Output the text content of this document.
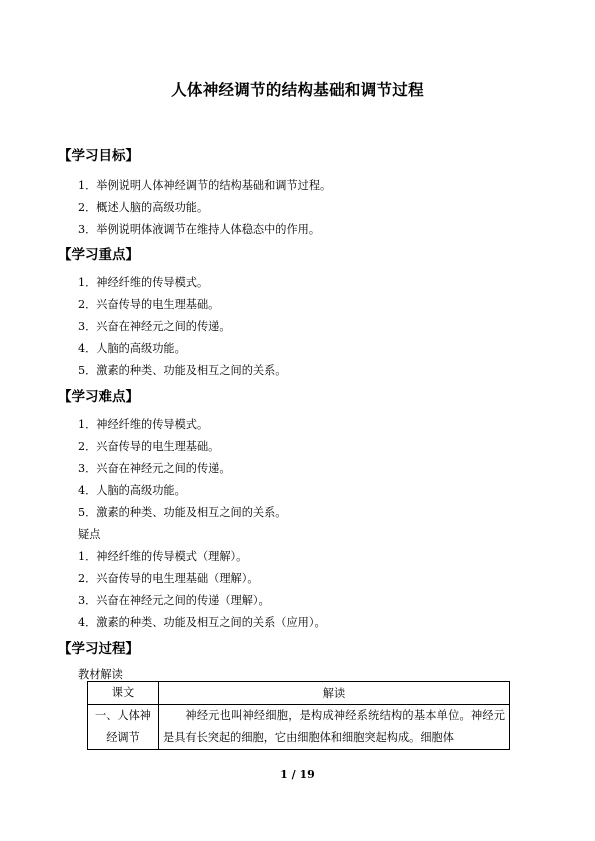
人体神经调节的结构基础和调节过程
【学习目标】
1．举例说明人体神经调节的结构基础和调节过程。
2．概述人脑的高级功能。
3．举例说明体液调节在维持人体稳态中的作用。
【学习重点】
1．神经纤维的传导模式。
2．兴奋传导的电生理基础。
3．兴奋在神经元之间的传递。
4．人脑的高级功能。
5．激素的种类、功能及相互之间的关系。
【学习难点】
1．神经纤维的传导模式。
2．兴奋传导的电生理基础。
3．兴奋在神经元之间的传递。
4．人脑的高级功能。
5．激素的种类、功能及相互之间的关系。
疑点
1．神经纤维的传导模式（理解）。
2．兴奋传导的电生理基础（理解）。
3．兴奋在神经元之间的传递（理解）。
4．激素的种类、功能及相互之间的关系（应用）。
【学习过程】
教材解读
课文	解读
一、人体神经调节	神经元也叫神经细胞，是构成神经系统结构的基本单位。神经元是具有长突起的细胞，它由细胞体和细胞突起构成。细胞体
1 / 19
